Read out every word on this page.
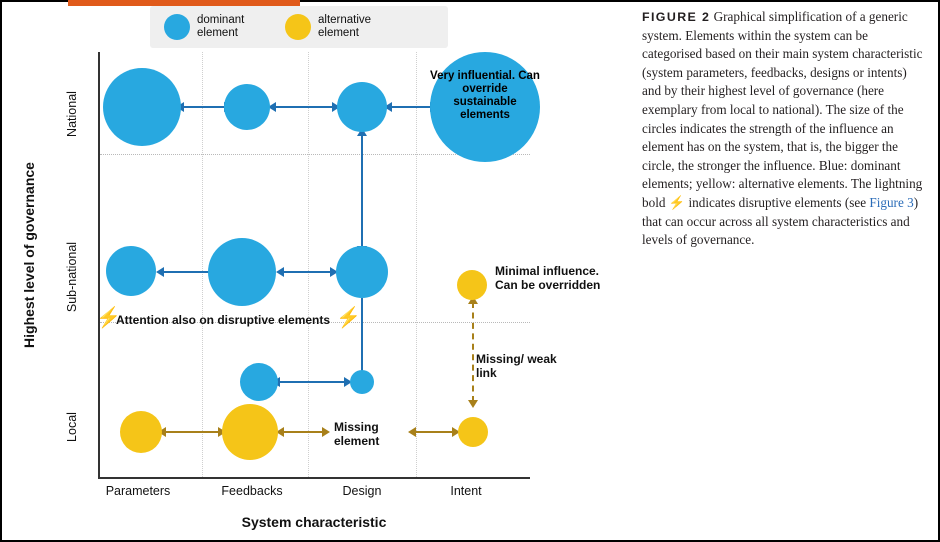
dominant element
alternative element
Highest level of governance
System characteristic
National
Sub-national
Local
Parameters	Feedbacks	Design	Intent
Very influential. Can override sustainable elements
Minimal influence. Can be overridden
⚡
Attention also on disruptive elements ⚡
Missing/ weak link
Missing element
FIGURE 2 Graphical simplification of a generic system. Elements within the system can be categorised based on their main system characteristic (system parameters, feedbacks, designs or intents) and by their highest level of governance (here exemplary from local to national). The size of the circles indicates the strength of the influence an element has on the system, that is, the bigger the circle, the stronger the influence. Blue: dominant elements; yellow: alternative elements. The lightning bold ⚡ indicates disruptive elements (see Figure 3) that can occur across all system characteristics and levels of governance.
